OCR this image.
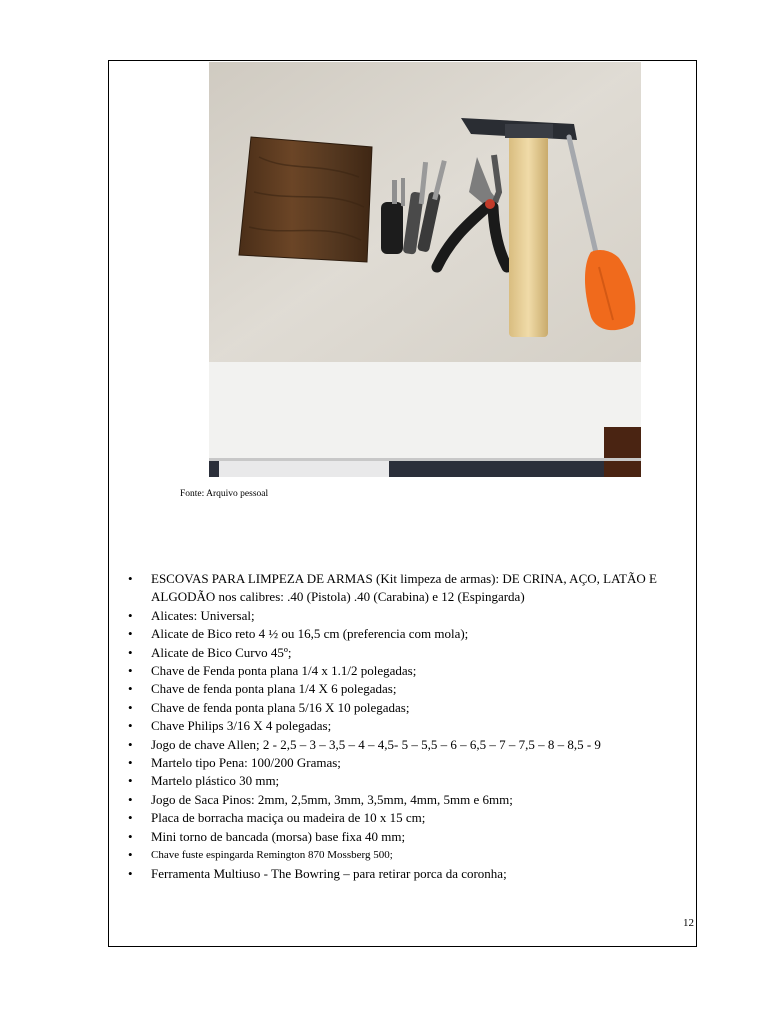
Fonte: Arquivo pessoal
• ESCOVAS PARA LIMPEZA DE ARMAS (Kit limpeza de armas): DE CRINA, AÇO, LATÃO E ALGODÃO nos calibres: .40 (Pistola) .40 (Carabina) e 12 (Espingarda)
• Alicates: Universal;
• Alicate de Bico reto 4 ½ ou 16,5 cm (preferencia com mola);
• Alicate de Bico Curvo 45º;
• Chave de Fenda ponta plana 1/4 x 1.1/2 polegadas;
• Chave de fenda ponta plana 1/4 X 6 polegadas;
• Chave de fenda ponta plana 5/16 X 10 polegadas;
• Chave Philips 3/16 X 4 polegadas;
• Jogo de chave Allen; 2 - 2,5 – 3 – 3,5 – 4 – 4,5- 5 – 5,5 – 6 – 6,5 – 7 – 7,5 – 8 – 8,5 - 9
• Martelo tipo Pena: 100/200 Gramas;
• Martelo plástico 30 mm;
• Jogo de Saca Pinos: 2mm, 2,5mm, 3mm, 3,5mm, 4mm, 5mm e 6mm;
• Placa de borracha maciça ou madeira de 10 x 15 cm;
• Mini torno de bancada (morsa) base fixa 40 mm;
• Chave fuste espingarda Remington 870 Mossberg 500;
• Ferramenta Multiuso - The Bowring – para retirar porca da coronha;
12
